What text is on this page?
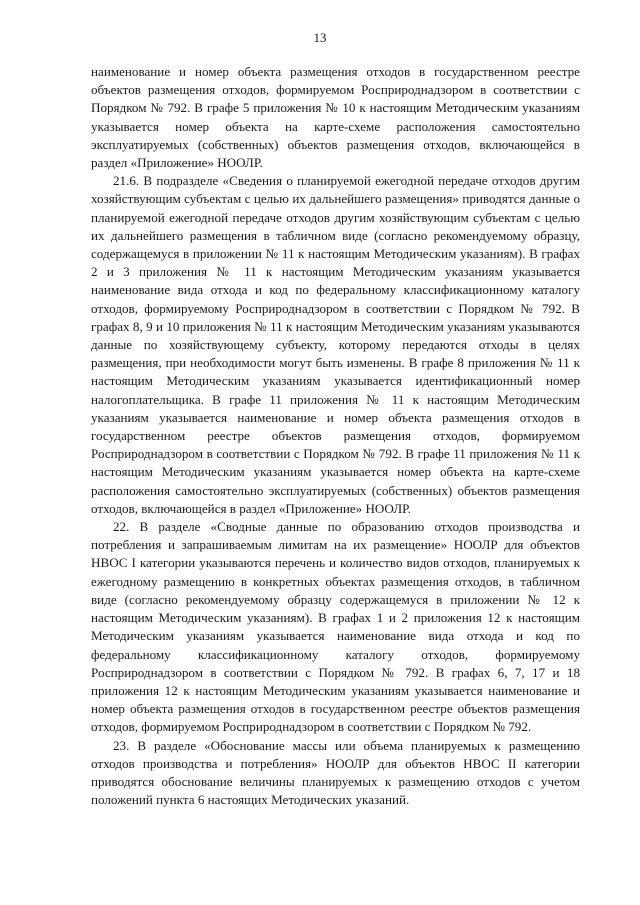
13

наименование и номер объекта размещения отходов в государственном реестре объектов размещения отходов, формируемом Росприроднадзором в соответствии с Порядком № 792. В графе 5 приложения № 10 к настоящим Методическим указаниям указывается номер объекта на карте-схеме расположения самостоятельно эксплуатируемых (собственных) объектов размещения отходов, включающейся в раздел «Приложение» НООЛР.

21.6. В подразделе «Сведения о планируемой ежегодной передаче отходов другим хозяйствующим субъектам с целью их дальнейшего размещения» приводятся данные о планируемой ежегодной передаче отходов другим хозяйствующим субъектам с целью их дальнейшего размещения в табличном виде (согласно рекомендуемому образцу, содержащемуся в приложении № 11 к настоящим Методическим указаниям). В графах 2 и 3 приложения № 11 к настоящим Методическим указаниям указывается наименование вида отхода и код по федеральному классификационному каталогу отходов, формируемому Росприроднадзором в соответствии с Порядком № 792. В графах 8, 9 и 10 приложения № 11 к настоящим Методическим указаниям указываются данные по хозяйствующему субъекту, которому передаются отходы в целях размещения, при необходимости могут быть изменены. В графе 8 приложения № 11 к настоящим Методическим указаниям указывается идентификационный номер налогоплательщика. В графе 11 приложения № 11 к настоящим Методическим указаниям указывается наименование и номер объекта размещения отходов в государственном реестре объектов размещения отходов, формируемом Росприроднадзором в соответствии с Порядком № 792. В графе 11 приложения № 11 к настоящим Методическим указаниям указывается номер объекта на карте-схеме расположения самостоятельно эксплуатируемых (собственных) объектов размещения отходов, включающейся в раздел «Приложение» НООЛР.

22. В разделе «Сводные данные по образованию отходов производства и потребления и запрашиваемым лимитам на их размещение» НООЛР для объектов НВОС I категории указываются перечень и количество видов отходов, планируемых к ежегодному размещению в конкретных объектах размещения отходов, в табличном виде (согласно рекомендуемому образцу содержащемуся в приложении № 12 к настоящим Методическим указаниям). В графах 1 и 2 приложения 12 к настоящим Методическим указаниям указывается наименование вида отхода и код по федеральному классификационному каталогу отходов, формируемому Росприроднадзором в соответствии с Порядком № 792. В графах 6, 7, 17 и 18 приложения 12 к настоящим Методическим указаниям указывается наименование и номер объекта размещения отходов в государственном реестре объектов размещения отходов, формируемом Росприроднадзором в соответствии с Порядком № 792.

23. В разделе «Обоснование массы или объема планируемых к размещению отходов производства и потребления» НООЛР для объектов НВОС II категории приводятся обоснование величины планируемых к размещению отходов с учетом положений пункта 6 настоящих Методических указаний.
